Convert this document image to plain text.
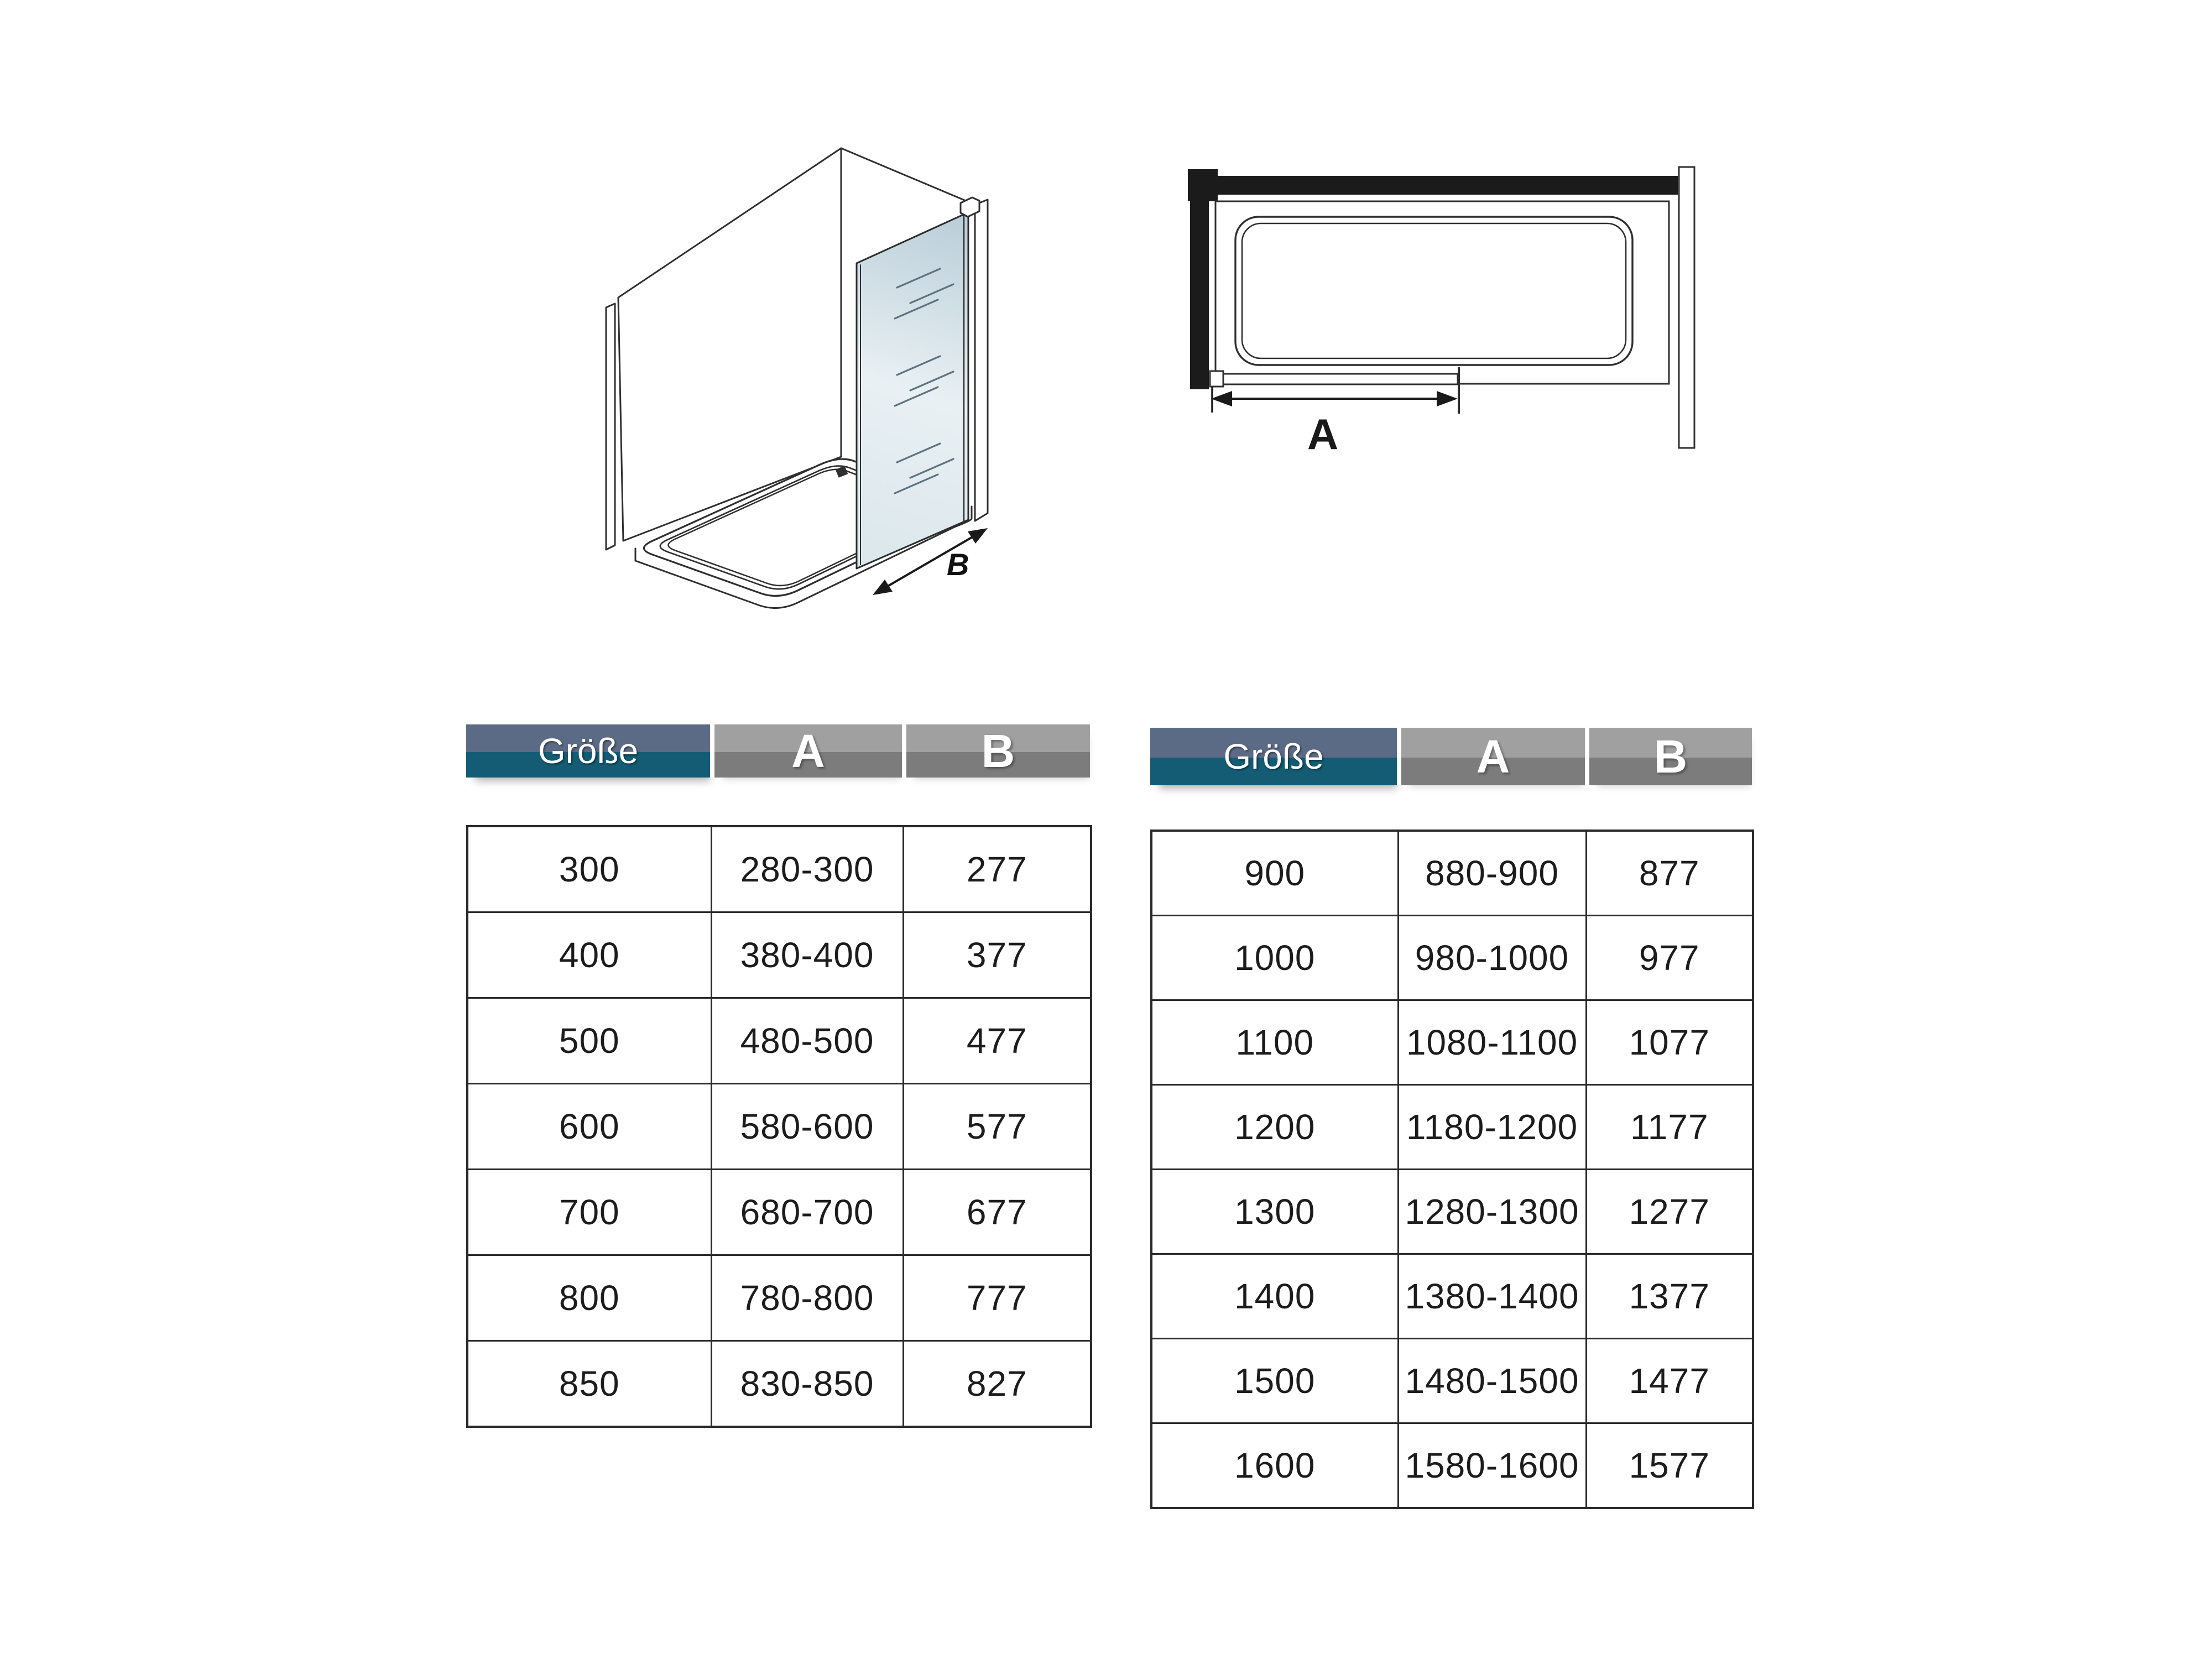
B
A
Größe	A	B
300	280-300	277
400	380-400	377
500	480-500	477
600	580-600	577
700	680-700	677
800	780-800	777
850	830-850	827
Größe	A	B
900	880-900	877
1000	980-1000	977
1100	1080-1100	1077
1200	1180-1200	1177
1300	1280-1300	1277
1400	1380-1400	1377
1500	1480-1500	1477
1600	1580-1600	1577
